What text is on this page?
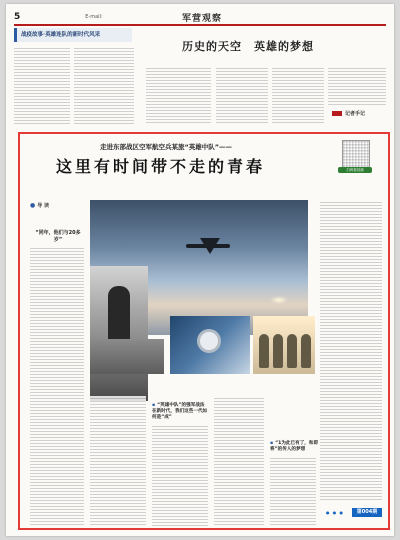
5	E-mail:	军营观察
战疫故事·英雄连队的新时代风采
历史的天空　英雄的梦想
记者手记
走进东部战区空军航空兵某旅“英雄中队”——
这里有时间带不走的青春	扫码看视频
● 导 读
“同年，他们与20多岁”
▪ “英雄中队”的强军战法在新时代，我们这些一代如何是“成”
▪ “1为此已有了，和即将”的传人的梦想
● ● ●	第004期
